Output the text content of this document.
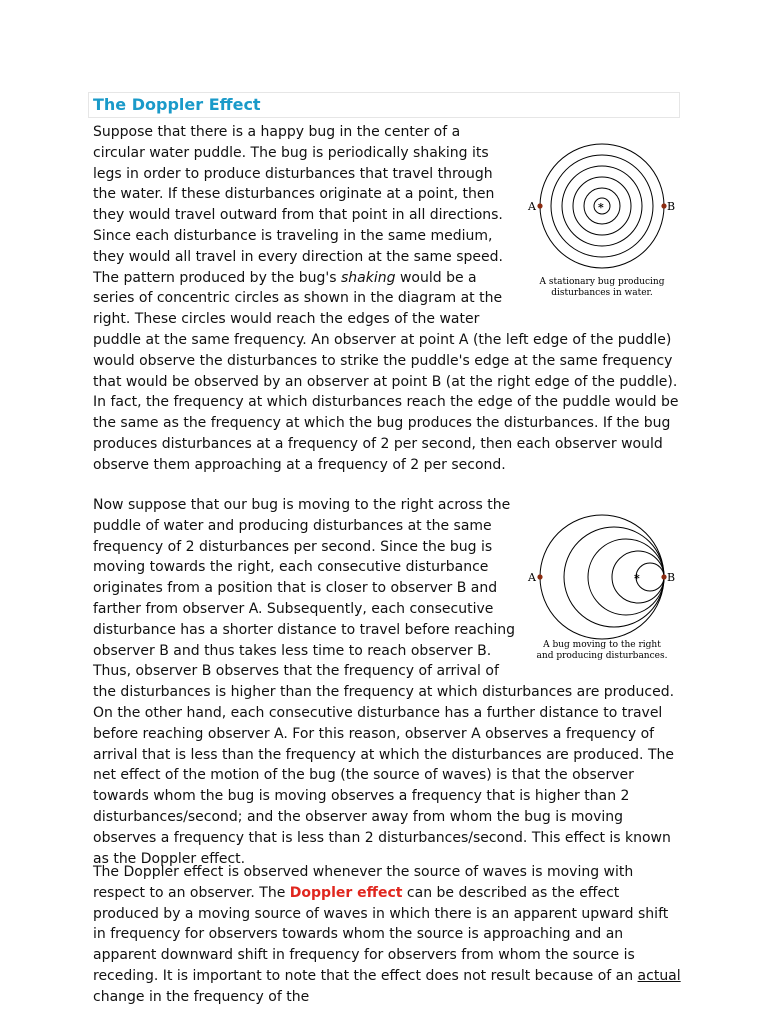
The Doppler Effect

Suppose that there is a happy bug in the center of a circular water puddle. The bug is periodically shaking its legs in order to produce disturbances that travel through the water. If these disturbances originate at a point, then they would travel outward from that point in all directions. Since each disturbance is traveling in the same medium, they would all travel in every direction at the same speed. The pattern produced by the bug's shaking would be a series of concentric circles as shown in the diagram at the right. These circles would reach the edges of the water puddle at the same frequency. An observer at point A (the left edge of the puddle) would observe the disturbances to strike the puddle's edge at the same frequency that would be observed by an observer at point B (at the right edge of the puddle). In fact, the frequency at which disturbances reach the edge of the puddle would be the same as the frequency at which the bug produces the disturbances. If the bug produces disturbances at a frequency of 2 per second, then each observer would observe them approaching at a frequency of 2 per second.

Now suppose that our bug is moving to the right across the puddle of water and producing disturbances at the same frequency of 2 disturbances per second. Since the bug is moving towards the right, each consecutive disturbance originates from a position that is closer to observer B and farther from observer A. Subsequently, each consecutive disturbance has a shorter distance to travel before reaching observer B and thus takes less time to reach observer B. Thus, observer B observes that the frequency of arrival of the disturbances is higher than the frequency at which disturbances are produced. On the other hand, each consecutive disturbance has a further distance to travel before reaching observer A. For this reason, observer A observes a frequency of arrival that is less than the frequency at which the disturbances are produced. The net effect of the motion of the bug (the source of waves) is that the observer towards whom the bug is moving observes a frequency that is higher than 2 disturbances/second; and the observer away from whom the bug is moving observes a frequency that is less than 2 disturbances/second. This effect is known as the Doppler effect.

The Doppler effect is observed whenever the source of waves is moving with respect to an observer. The Doppler effect can be described as the effect produced by a moving source of waves in which there is an apparent upward shift in frequency for observers towards whom the source is approaching and an apparent downward shift in frequency for observers from whom the source is receding. It is important to note that the effect does not result because of an actual change in the frequency of the

A	B
*
A stationary bug producing
disturbances in water.
A	B
*
A bug moving to the right
and producing disturbances.
